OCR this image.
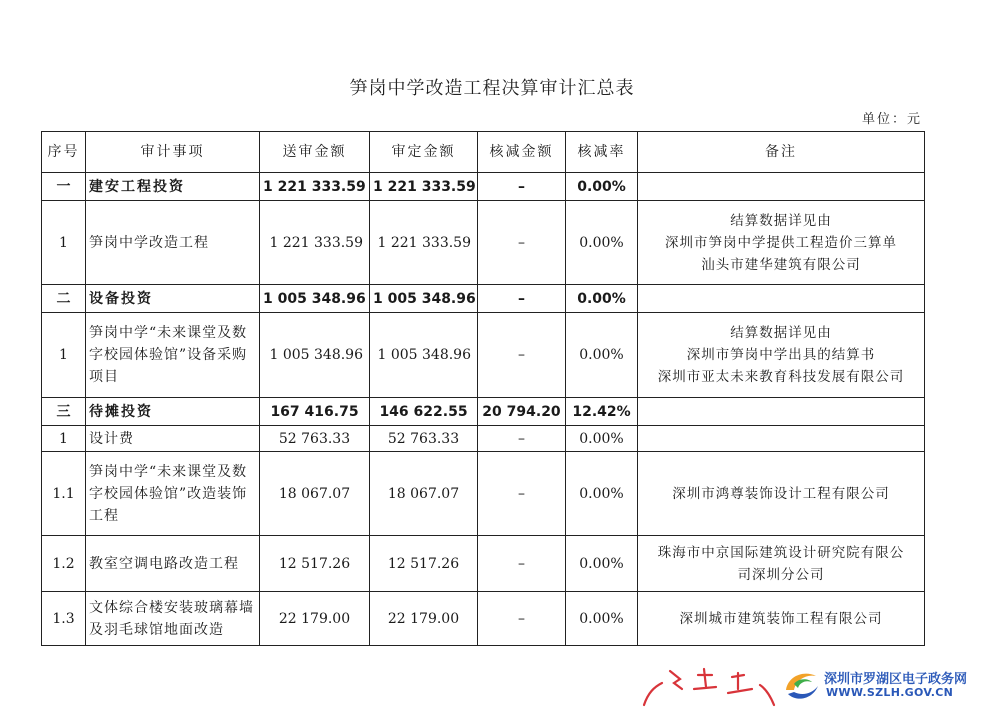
笋岗中学改造工程决算审计汇总表
单位：元
序号	审计事项	送审金额	审定金额	核减金额	核减率	备注
一	建安工程投资	1 221 333.59	1 221 333.59	–	0.00%	
1	笋岗中学改造工程	1 221 333.59	1 221 333.59	–	0.00%	结算数据详见由
深圳市笋岗中学提供工程造价三算单
汕头市建华建筑有限公司

二	设备投资	1 005 348.96	1 005 348.96	–	0.00%	
1	笋岗中学“未来课堂及数字校园体验馆”设备采购项目	1 005 348.96	1 005 348.96	–	0.00%	结算数据详见由
深圳市笋岗中学出具的结算书
深圳市亚太未来教育科技发展有限公司

三	待摊投资	167 416.75	146 622.55	20 794.20	12.42%	
1	设计费	52 763.33	52 763.33	–	0.00%	
1.1	笋岗中学“未来课堂及数字校园体验馆”改造装饰工程	18 067.07	18 067.07	–	0.00%	深圳市鸿尊装饰设计工程有限公司
1.2	教室空调电路改造工程	12 517.26	12 517.26	–	0.00%	珠海市中京国际建筑设计研究院有限公
司深圳分公司

1.3	文体综合楼安装玻璃幕墙及羽毛球馆地面改造	22 179.00	22 179.00	–	0.00%	深圳城市建筑装饰工程有限公司
深圳市罗湖区电子政务网
WWW.SZLH.GOV.CN
